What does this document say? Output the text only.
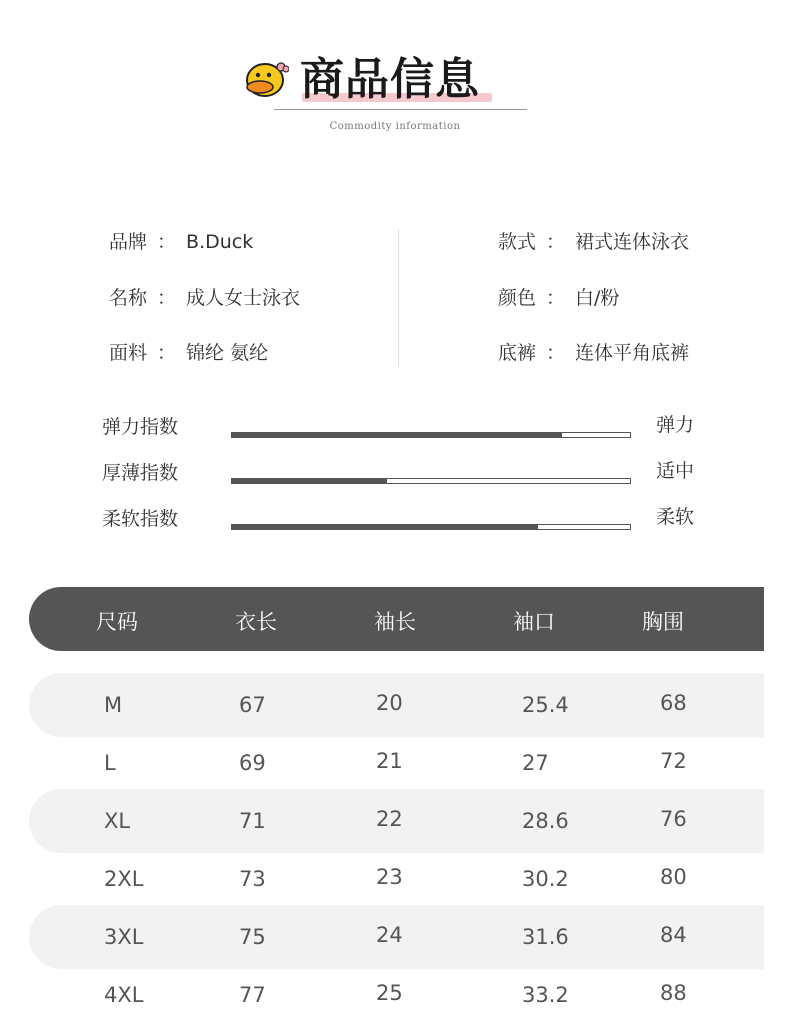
商品信息
Commodity information
品牌 ： B.Duck
名称 ： 成人女士泳衣
面料 ： 锦纶 氨纶
款式 ： 裙式连体泳衣
颜色 ： 白/粉
底裤 ： 连体平角底裤
弹力指数	弹力
厚薄指数	适中
柔软指数	柔软
尺码	衣长	袖长	袖口	胸围
M	67	20	25.4	68
L	69	21	27	72
XL	71	22	28.6	76
2XL	73	23	30.2	80
3XL	75	24	31.6	84
4XL	77	25	33.2	88
